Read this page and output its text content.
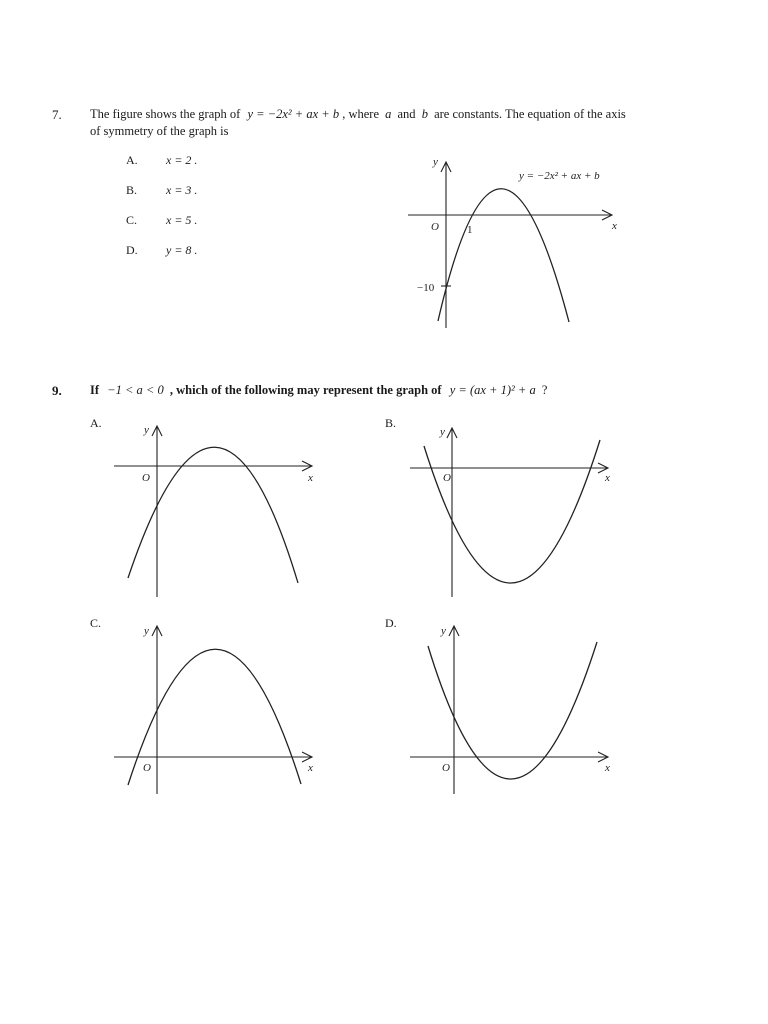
7. The figure shows the graph of y = −2x² + ax + b , where a and b are constants. The equation of the axis
of symmetry of the graph is
A. x = 2 .
B. x = 3 .
C. x = 5 .
D. y = 8 .
y
x
O	1
−10
y = −2x² + ax + b
9. If −1 < a < 0 , which of the following may represent the graph of y = (ax + 1)² + a ?
A.	B.
C.	D.
y
x
O
y
x
O
y
x
O
y
x
O
